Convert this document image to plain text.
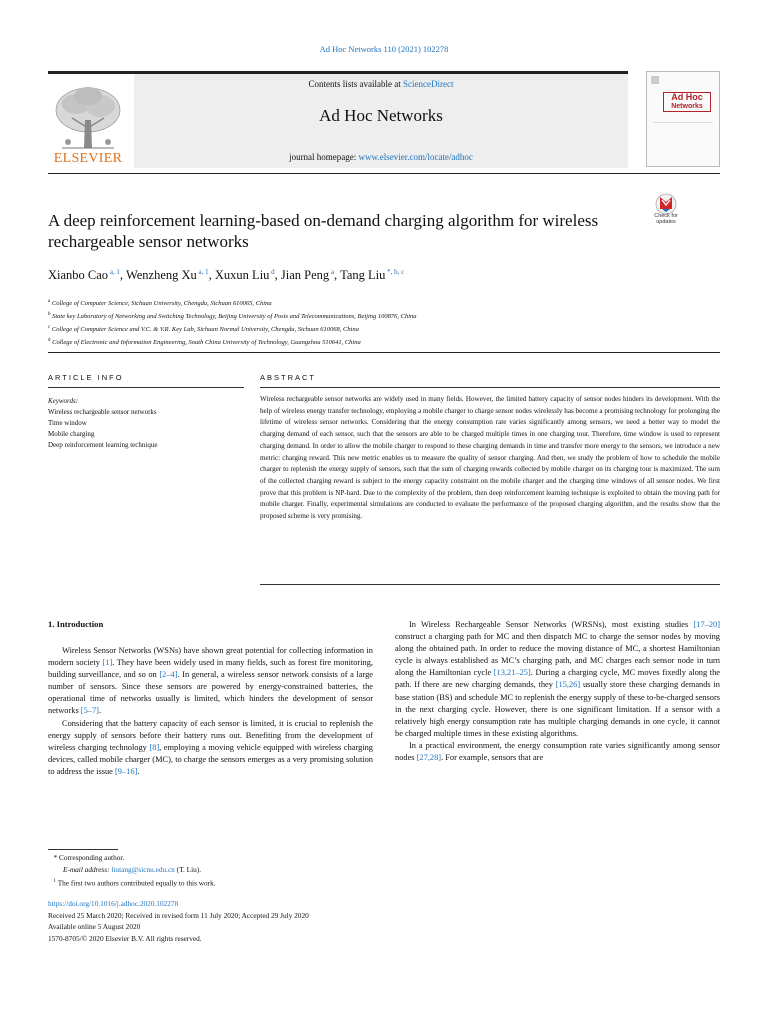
Ad Hoc Networks 110 (2021) 102278
Contents lists available at ScienceDirect
Ad Hoc Networks
journal homepage: www.elsevier.com/locate/adhoc
ELSEVIER
Ad Hoc
Networks
A deep reinforcement learning-based on-demand charging algorithm for wireless rechargeable sensor networks
Check for
updates
Xianbo Cao $^{a, 1}$, Wenzheng Xu $^{a, 1}$, Xuxun Liu $^d$, Jian Peng $^a$, Tang Liu $^{*, b, c}$
$^a$ College of Computer Science, Sichuan University, Chengdu, Sichuan 610065, China
$^b$ State key Laboratory of Networking and Switching Technology, Beijing University of Posts and Telecommunications, Beijing 100876, China
$^c$ College of Computer Science and V.C. & V.R. Key Lab, Sichuan Normal University, Chengdu, Sichuan 610068, China
$^d$ College of Electronic and Information Engineering, South China University of Technology, Guangzhou 510641, China
ARTICLE INFO	ABSTRACT
Keywords:
Wireless rechargeable sensor networks
Time window
Mobile charging
Deep reinforcement learning technique
Wireless rechargeable sensor networks are widely used in many fields. However, the limited battery capacity of sensor nodes hinders its development. With the help of wireless energy transfer technology, employing a mobile charger to charge sensor nodes wirelessly has become a promising technology for prolonging the lifetime of wireless sensor networks. Considering that the energy consumption rate varies significantly among sensors, we need a better way to model the charging demand of each sensor, such that the sensors are able to be charged multiple times in one charging tour. Therefore, time window is used to represent charging demand. In order to allow the mobile charger to respond to these charging demands in time and transfer more energy to the sensors, we introduce a new metric: charging reward. This new metric enables us to measure the quality of sensor charging. And then, we study the problem of how to schedule the mobile charger to replenish the energy supply of sensors, such that the sum of charging rewards collected by mobile charger on its charging tour is maximized. The sum of the collected charging reward is subject to the energy capacity constraint on the mobile charger and the charging time windows of all sensor nodes. We first prove that this problem is NP-hard. Due to the complexity of the problem, then deep reinforcement learning technique is exploited to obtain the moving path for mobile charger. Finally, experimental simulations are conducted to evaluate the performance of the proposed charging algorithm, and the results show that the proposed scheme is very promising.
1. Introduction

Wireless Sensor Networks (WSNs) have shown great potential for collecting information in modern society [1]. They have been widely used in many fields, such as forest fire monitoring, building surveillance, and so on [2–4]. In general, a wireless sensor network consists of a large number of sensors. Since these sensors are powered by energy-constrained batteries, the operational time of networks usually is limited, which hinders the development of sensor networks [5–7].

Considering that the battery capacity of each sensor is limited, it is crucial to replenish the energy supply of sensors before their battery runs out. Benefiting from the development of wireless charging technology [8], employing a moving vehicle equipped with wireless charging devices, called mobile charger (MC), to charge the sensors emerges as a very promising solution to address the issue [9–16].

In Wireless Rechargeable Sensor Networks (WRSNs), most existing studies [17–20] construct a charging path for MC and then dispatch MC to charge the sensor nodes by moving along the obtained path. In order to reduce the moving distance of MC, a shortest Hamiltonian cycle is always established as MC’s charging path, and MC charges each sensor node in turn along the Hamiltonian cycle [13,21–25]. During a charging cycle, MC moves fixedly along the path. If there are new charging demands, they [15,26] usually store these charging demands in base station (BS) and schedule MC to replenish the energy supply of these to-be-charged sensors in the next charging cycle. However, there is one significant limitation. If a sensor with a relatively high energy consumption rate has multiple charging demands in one cycle, it cannot be charged multiple times in these existing algorithms.

In a practical environment, the energy consumption rate varies significantly among sensor nodes [27,28]. For example, sensors that are

* Corresponding author.
E-mail address: liutang@sicnu.edu.cn (T. Liu).
$^1$ The first two authors contributed equally to this work.
https://doi.org/10.1016/j.adhoc.2020.102278
Received 25 March 2020; Received in revised form 11 July 2020; Accepted 29 July 2020
Available online 5 August 2020
1570-8705/© 2020 Elsevier B.V. All rights reserved.
